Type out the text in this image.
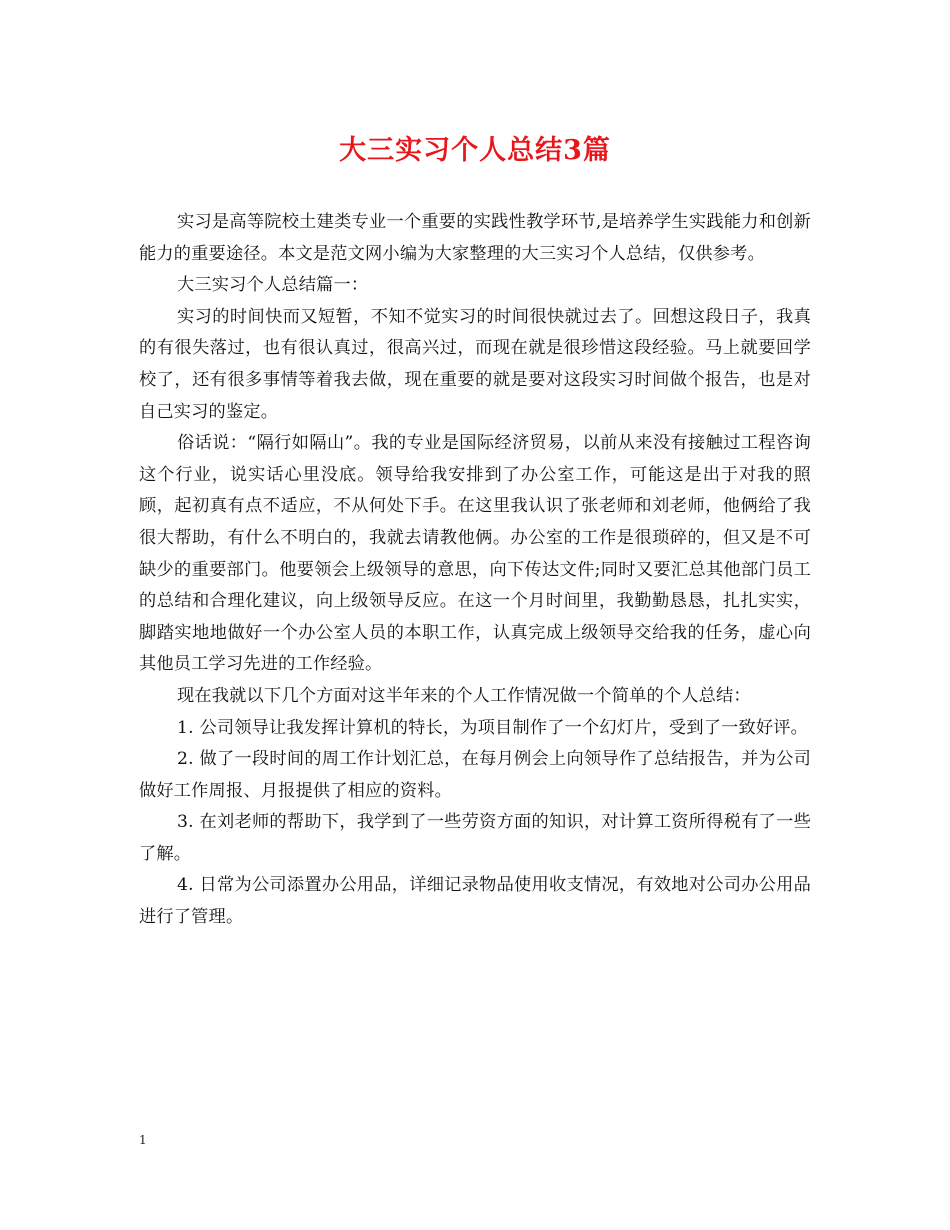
大三实习个人总结3篇

实习是高等院校土建类专业一个重要的实践性教学环节,是培养学生实践能力和创新能力的重要途径。本文是范文网小编为大家整理的大三实习个人总结，仅供参考。

大三实习个人总结篇一：

实习的时间快而又短暂，不知不觉实习的时间很快就过去了。回想这段日子，我真的有很失落过，也有很认真过，很高兴过，而现在就是很珍惜这段经验。马上就要回学校了，还有很多事情等着我去做，现在重要的就是要对这段实习时间做个报告，也是对自己实习的鉴定。

俗话说：“隔行如隔山”。我的专业是国际经济贸易，以前从来没有接触过工程咨询这个行业，说实话心里没底。领导给我安排到了办公室工作，可能这是出于对我的照顾，起初真有点不适应，不从何处下手。在这里我认识了张老师和刘老师，他俩给了我很大帮助，有什么不明白的，我就去请教他俩。办公室的工作是很琐碎的，但又是不可缺少的重要部门。他要领会上级领导的意思，向下传达文件;同时又要汇总其他部门员工的总结和合理化建议，向上级领导反应。在这一个月时间里，我勤勤恳恳，扎扎实实，脚踏实地地做好一个办公室人员的本职工作，认真完成上级领导交给我的任务，虚心向其他员工学习先进的工作经验。

现在我就以下几个方面对这半年来的个人工作情况做一个简单的个人总结：

1. 公司领导让我发挥计算机的特长，为项目制作了一个幻灯片，受到了一致好评。

2. 做了一段时间的周工作计划汇总，在每月例会上向领导作了总结报告，并为公司做好工作周报、月报提供了相应的资料。

3. 在刘老师的帮助下，我学到了一些劳资方面的知识，对计算工资所得税有了一些了解。

4. 日常为公司添置办公用品，详细记录物品使用收支情况，有效地对公司办公用品进行了管理。

1
